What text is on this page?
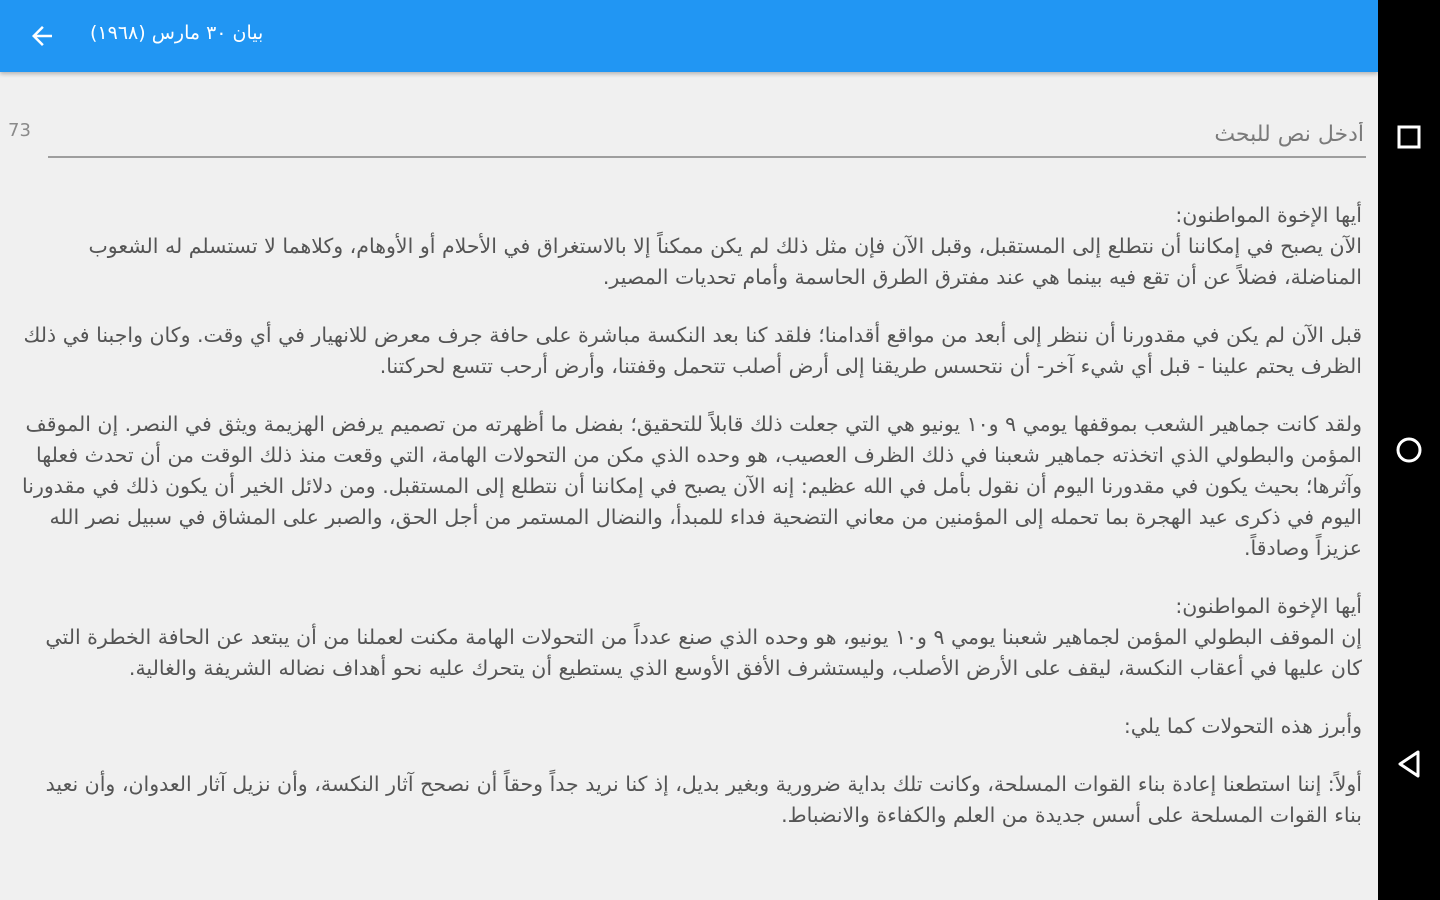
بيان ٣٠ مارس (١٩٦٨)
73
أدخل نص للبحث

أيها الإخوة المواطنون:
الآن يصبح في إمكاننا أن نتطلع إلى المستقبل، وقبل الآن فإن مثل ذلك لم يكن ممكناً إلا بالاستغراق في الأحلام أو الأوهام، وكلاهما لا تستسلم له الشعوب المناضلة، فضلاً عن أن تقع فيه بينما هي عند مفترق الطرق الحاسمة وأمام تحديات المصير.

قبل الآن لم يكن في مقدورنا أن ننظر إلى أبعد من مواقع أقدامنا؛ فلقد كنا بعد النكسة مباشرة على حافة جرف معرض للانهيار في أي وقت. وكان واجبنا في ذلك الظرف يحتم علينا - قبل أي شيء آخر- أن نتحسس طريقنا إلى أرض أصلب تتحمل وقفتنا، وأرض أرحب تتسع لحركتنا.

ولقد كانت جماهير الشعب بموقفها يومي ٩ و١٠ يونيو هي التي جعلت ذلك قابلاً للتحقيق؛ بفضل ما أظهرته من تصميم يرفض الهزيمة ويثق في النصر. إن الموقف المؤمن والبطولي الذي اتخذته جماهير شعبنا في ذلك الظرف العصيب، هو وحده الذي مكن من التحولات الهامة، التي وقعت منذ ذلك الوقت من أن تحدث فعلها وآثرها؛ بحيث يكون في مقدورنا اليوم أن نقول بأمل في الله عظيم: إنه الآن يصبح في إمكاننا أن نتطلع إلى المستقبل. ومن دلائل الخير أن يكون ذلك في مقدورنا اليوم في ذكرى عيد الهجرة بما تحمله إلى المؤمنين من معاني التضحية فداء للمبدأ، والنضال المستمر من أجل الحق، والصبر على المشاق في سبيل نصر الله عزيزاً وصادقاً.

أيها الإخوة المواطنون:
إن الموقف البطولي المؤمن لجماهير شعبنا يومي ٩ و١٠ يونيو، هو وحده الذي صنع عدداً من التحولات الهامة مكنت لعملنا من أن يبتعد عن الحافة الخطرة التي كان عليها في أعقاب النكسة، ليقف على الأرض الأصلب، وليستشرف الأفق الأوسع الذي يستطيع أن يتحرك عليه نحو أهداف نضاله الشريفة والغالية.

وأبرز هذه التحولات كما يلي:

أولاً: إننا استطعنا إعادة بناء القوات المسلحة، وكانت تلك بداية ضرورية وبغير بديل، إذ كنا نريد جداً وحقاً أن نصحح آثار النكسة، وأن نزيل آثار العدوان، وأن نعيد بناء القوات المسلحة على أسس جديدة من العلم والكفاءة والانضباط.
